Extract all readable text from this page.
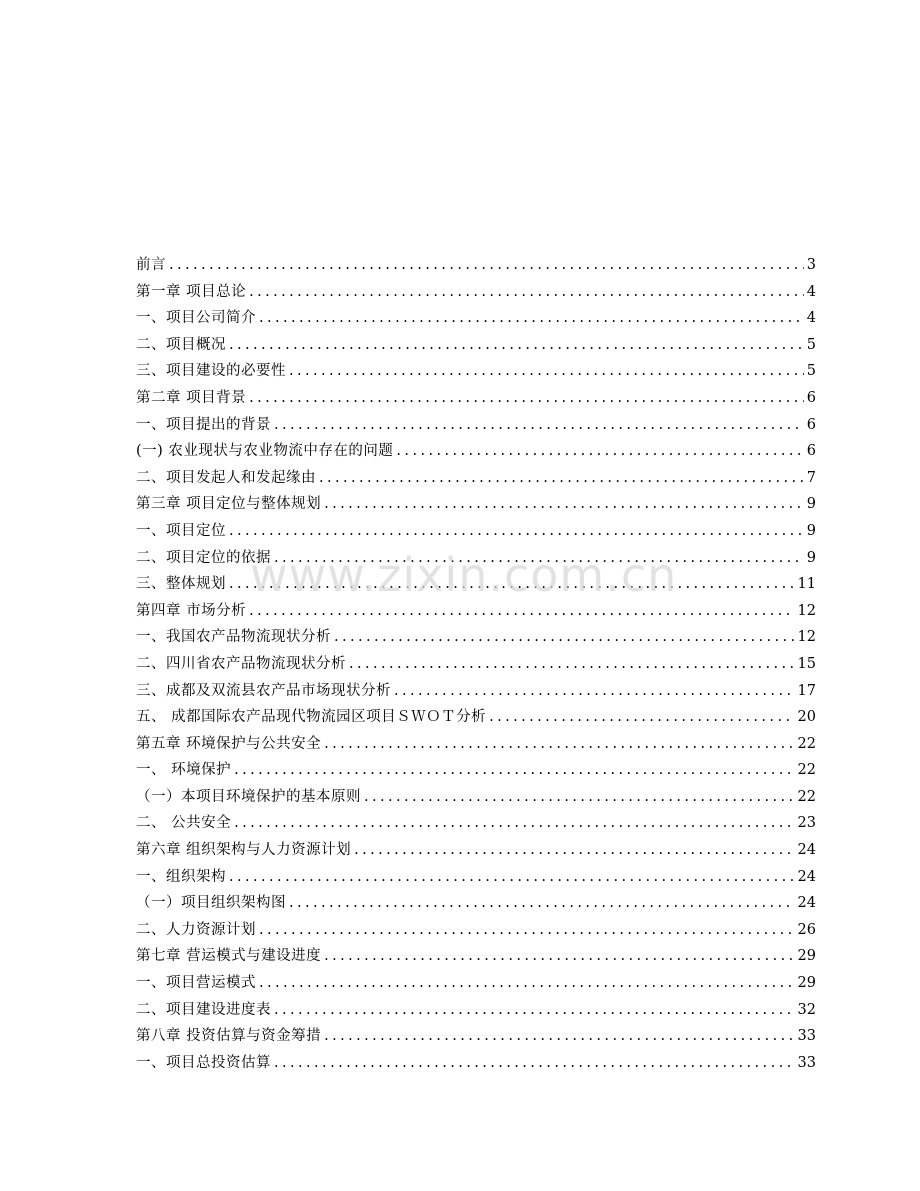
前言 .....	3
第一章 项目总论 .....	4
一、项目公司简介 .....	4
二、项目概况 .....	5
三、项目建设的必要性 .....	5
第二章 项目背景 .....	6
一、项目提出的背景 .....	6
(一) 农业现状与农业物流中存在的问题 .....	6
二、项目发起人和发起缘由 .....	7
第三章 项目定位与整体规划 .....	9
一、项目定位 .....	9
二、项目定位的依据 .....	9
三、整体规划 .....	11
第四章 市场分析 .....	12
一、我国农产品物流现状分析 .....	12
二、四川省农产品物流现状分析 .....	15
三、成都及双流县农产品市场现状分析 .....	17
五、 成都国际农产品现代物流园区项目ＳＷＯＴ分析 .....	20
第五章 环境保护与公共安全 .....	22
一、 环境保护 .....	22
（一）本项目环境保护的基本原则 .....	22
二、 公共安全 .....	23
第六章 组织架构与人力资源计划 .....	24
一、组织架构 .....	24
（一）项目组织架构图 .....	24
二、人力资源计划 .....	26
第七章 营运模式与建设进度 .....	29
一、项目营运模式 .....	29
二、项目建设进度表 .....	32
第八章 投资估算与资金筹措 .....	33
一、项目总投资估算 .....	33
www.zixin.com.cn
